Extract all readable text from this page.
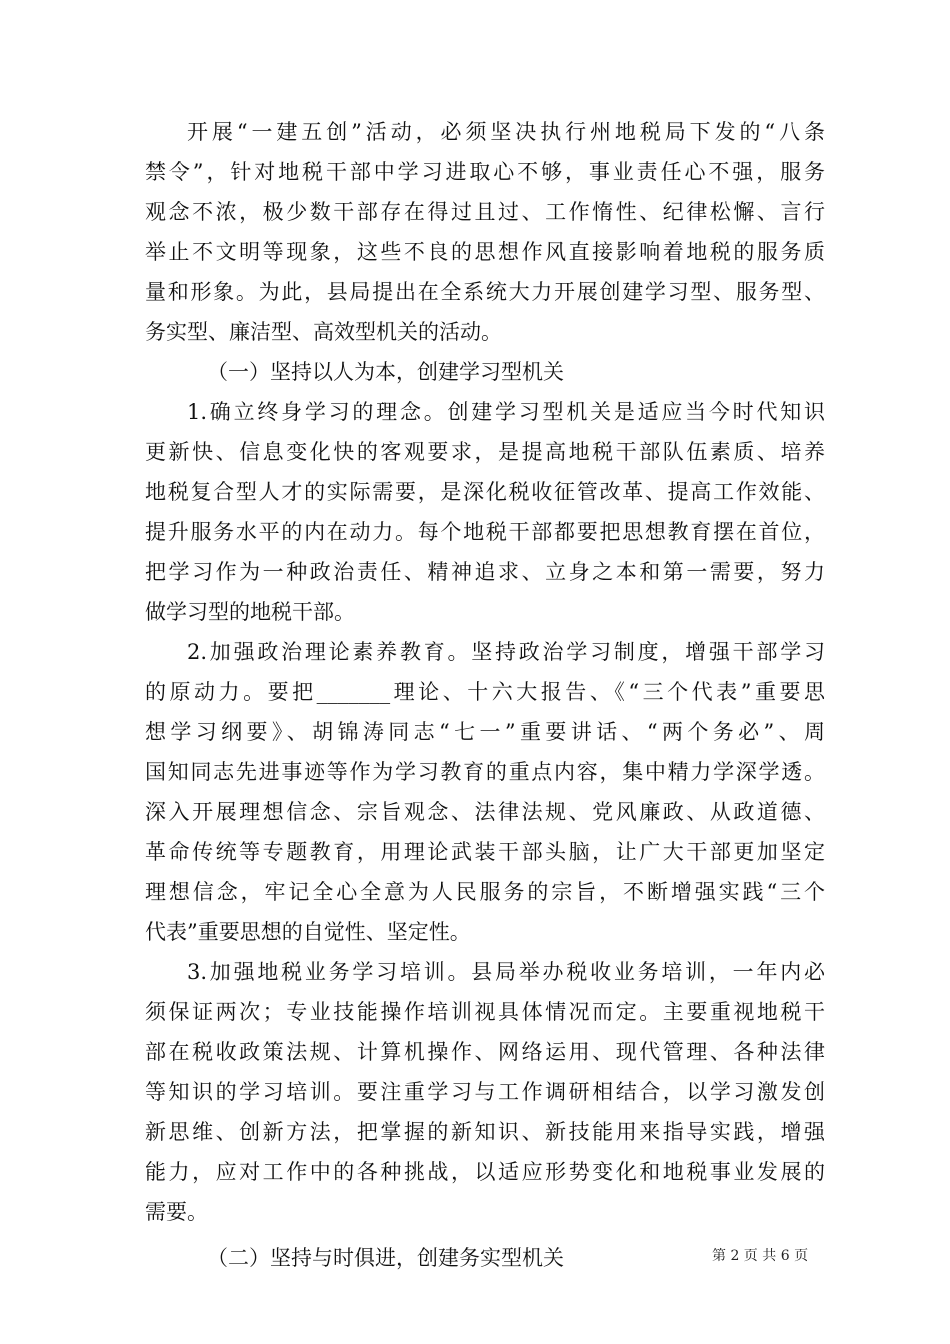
开展“一建五创”活动，必须坚决执行州地税局下发的“八条
禁令”，针对地税干部中学习进取心不够，事业责任心不强，服务
观念不浓，极少数干部存在得过且过、工作惰性、纪律松懈、言行
举止不文明等现象，这些不良的思想作风直接影响着地税的服务质
量和形象。为此，县局提出在全系统大力开展创建学习型、服务型、
务实型、廉洁型、高效型机关的活动。
（一）坚持以人为本，创建学习型机关
1.确立终身学习的理念。创建学习型机关是适应当今时代知识
更新快、信息变化快的客观要求，是提高地税干部队伍素质、培养
地税复合型人才的实际需要，是深化税收征管改革、提高工作效能、
提升服务水平的内在动力。每个地税干部都要把思想教育摆在首位，
把学习作为一种政治责任、精神追求、立身之本和第一需要，努力
做学习型的地税干部。
2.加强政治理论素养教育。坚持政治学习制度，增强干部学习
的原动力。要把_______理论、十六大报告、《“三个代表”重要思
想学习纲要》、胡锦涛同志“七一”重要讲话、“两个务必”、周
国知同志先进事迹等作为学习教育的重点内容，集中精力学深学透。
深入开展理想信念、宗旨观念、法律法规、党风廉政、从政道德、
革命传统等专题教育，用理论武装干部头脑，让广大干部更加坚定
理想信念，牢记全心全意为人民服务的宗旨，不断增强实践“三个
代表”重要思想的自觉性、坚定性。
3.加强地税业务学习培训。县局举办税收业务培训，一年内必
须保证两次；专业技能操作培训视具体情况而定。主要重视地税干
部在税收政策法规、计算机操作、网络运用、现代管理、各种法律
等知识的学习培训。要注重学习与工作调研相结合，以学习激发创
新思维、创新方法，把掌握的新知识、新技能用来指导实践，增强
能力，应对工作中的各种挑战，以适应形势变化和地税事业发展的
需要。
（二）坚持与时俱进，创建务实型机关	第 2 页 共 6 页
